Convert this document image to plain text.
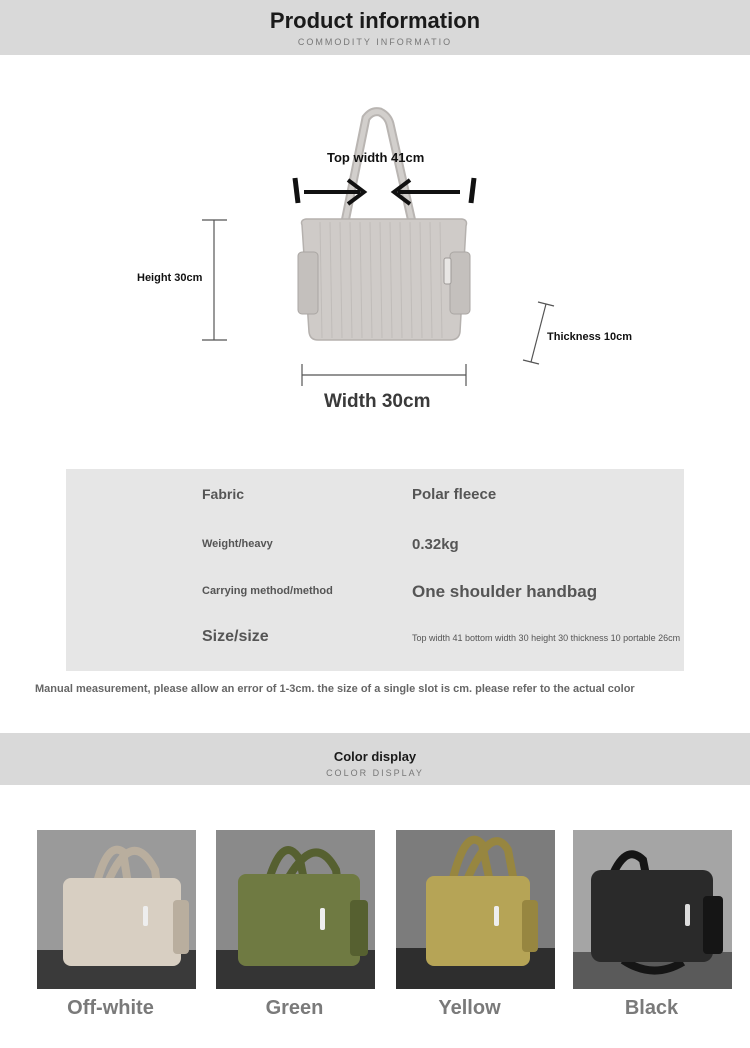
Product information
COMMODITY INFORMATIO
Top width 41cm
Height 30cm
Thickness 10cm
Width 30cm
Fabric	Polar fleece
Weight/heavy	0.32kg
Carrying method/method	One shoulder handbag
Size/size	Top width 41 bottom width 30 height 30 thickness 10 portable 26cm
Manual measurement, please allow an error of 1-3cm. the size of a single slot is cm. please refer to the actual color
Color display
COLOR DISPLAY
Off-white	Green	Yellow	Black
